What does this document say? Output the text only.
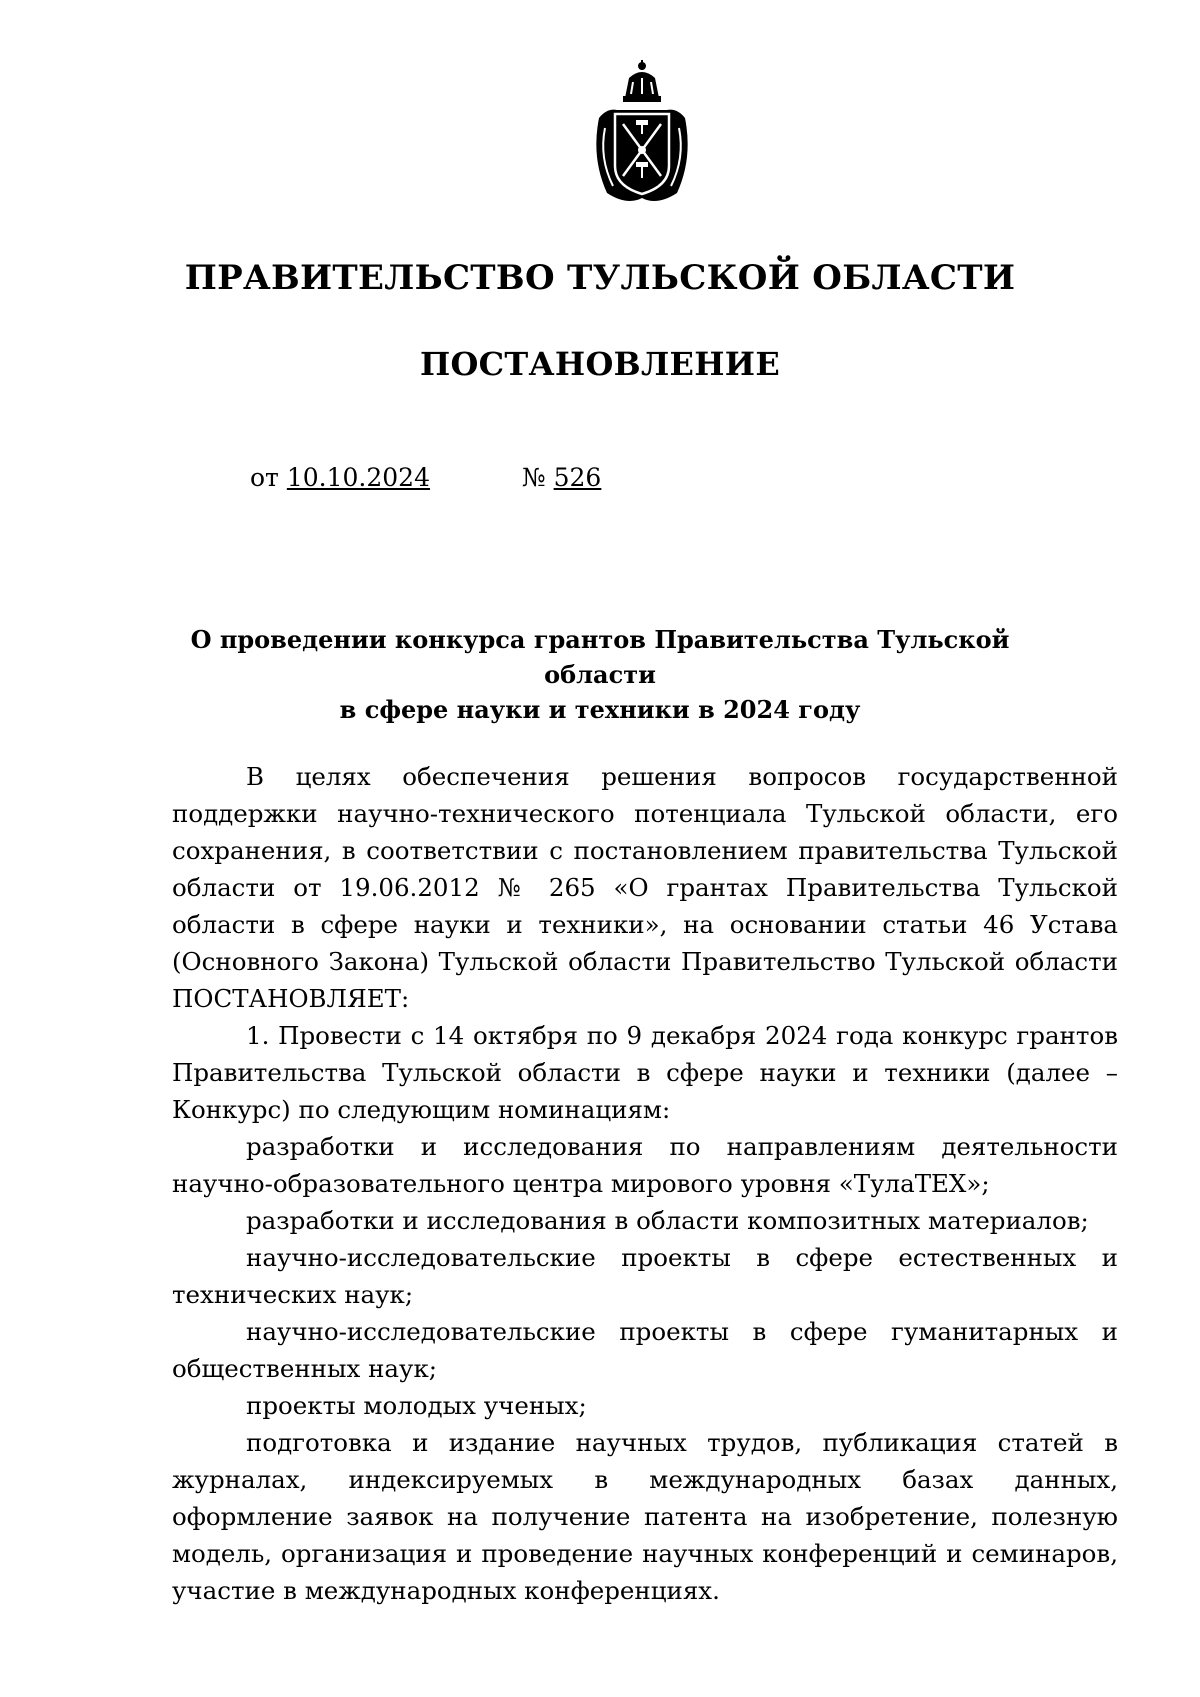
ПРАВИТЕЛЬСТВО ТУЛЬСКОЙ ОБЛАСТИ
ПОСТАНОВЛЕНИЕ
от 10.10.2024	№ 526
О проведении конкурса грантов Правительства Тульской области
в сфере науки и техники в 2024 году

В целях обеспечения решения вопросов государственной поддержки научно-технического потенциала Тульской области, его сохранения, в соответствии с постановлением правительства Тульской области от 19.06.2012 № 265 «О грантах Правительства Тульской области в сфере науки и техники», на основании статьи 46 Устава (Основного Закона) Тульской области Правительство Тульской области ПОСТАНОВЛЯЕТ:

1. Провести с 14 октября по 9 декабря 2024 года конкурс грантов Правительства Тульской области в сфере науки и техники (далее – Конкурс) по следующим номинациям:

разработки и исследования по направлениям деятельности научно-образовательного центра мирового уровня «ТулаТЕХ»;

разработки и исследования в области композитных материалов;

научно-исследовательские проекты в сфере естественных и технических наук;

научно-исследовательские проекты в сфере гуманитарных и общественных наук;

проекты молодых ученых;

подготовка и издание научных трудов, публикация статей в журналах, индексируемых в международных базах данных, оформление заявок на получение патента на изобретение, полезную модель, организация и проведение научных конференций и семинаров, участие в международных конференциях.
